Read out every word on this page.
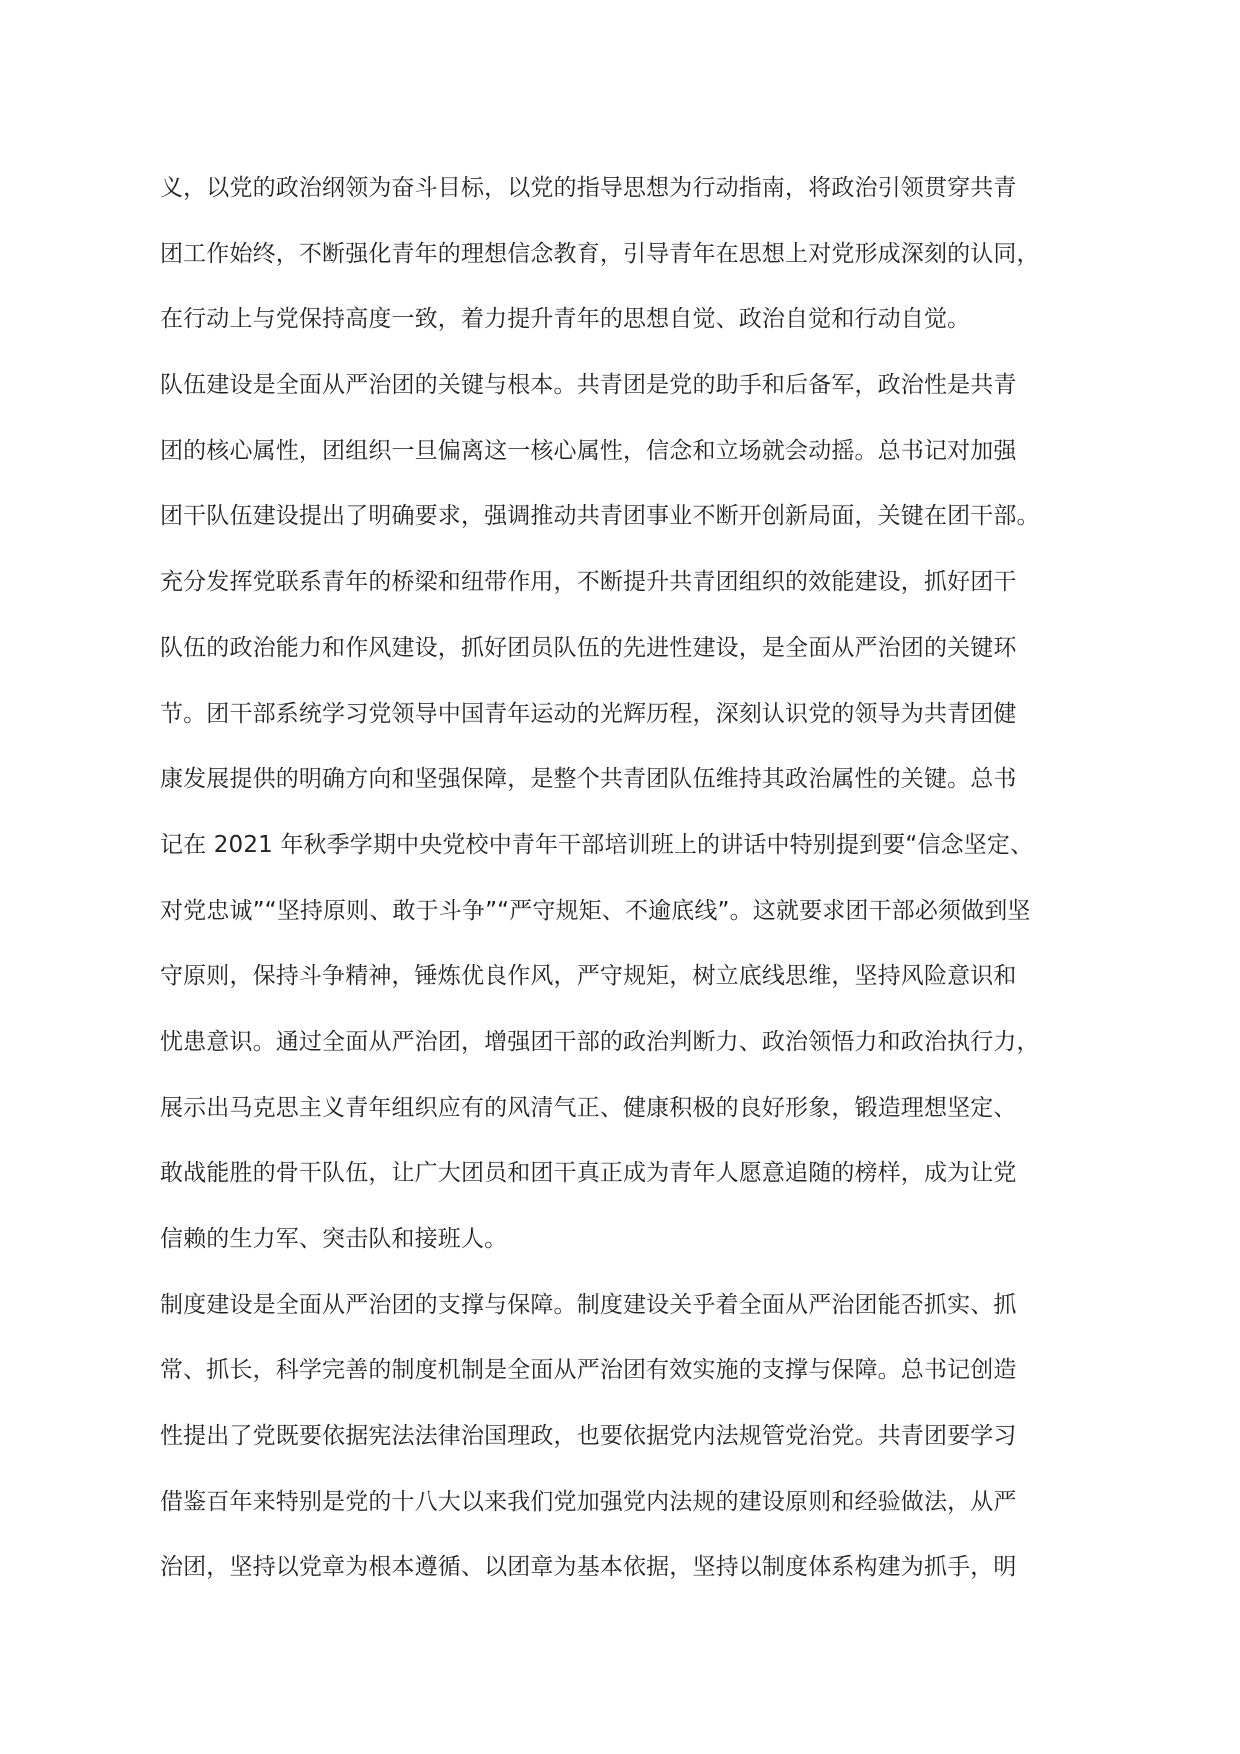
义，以党的政治纲领为奋斗目标，以党的指导思想为行动指南，将政治引领贯穿共青
团工作始终，不断强化青年的理想信念教育，引导青年在思想上对党形成深刻的认同，
在行动上与党保持高度一致，着力提升青年的思想自觉、政治自觉和行动自觉。
队伍建设是全面从严治团的关键与根本。共青团是党的助手和后备军，政治性是共青
团的核心属性，团组织一旦偏离这一核心属性，信念和立场就会动摇。总书记对加强
团干队伍建设提出了明确要求，强调推动共青团事业不断开创新局面，关键在团干部。
充分发挥党联系青年的桥梁和纽带作用，不断提升共青团组织的效能建设，抓好团干
队伍的政治能力和作风建设，抓好团员队伍的先进性建设，是全面从严治团的关键环
节。团干部系统学习党领导中国青年运动的光辉历程，深刻认识党的领导为共青团健
康发展提供的明确方向和坚强保障，是整个共青团队伍维持其政治属性的关键。总书
记在 2021 年秋季学期中央党校中青年干部培训班上的讲话中特别提到要“信念坚定、
对党忠诚”“坚持原则、敢于斗争”“严守规矩、不逾底线”。这就要求团干部必须做到坚
守原则，保持斗争精神，锤炼优良作风，严守规矩，树立底线思维，坚持风险意识和
忧患意识。通过全面从严治团，增强团干部的政治判断力、政治领悟力和政治执行力，
展示出马克思主义青年组织应有的风清气正、健康积极的良好形象，锻造理想坚定、
敢战能胜的骨干队伍，让广大团员和团干真正成为青年人愿意追随的榜样，成为让党
信赖的生力军、突击队和接班人。
制度建设是全面从严治团的支撑与保障。制度建设关乎着全面从严治团能否抓实、抓
常、抓长，科学完善的制度机制是全面从严治团有效实施的支撑与保障。总书记创造
性提出了党既要依据宪法法律治国理政，也要依据党内法规管党治党。共青团要学习
借鉴百年来特别是党的十八大以来我们党加强党内法规的建设原则和经验做法，从严
治团，坚持以党章为根本遵循、以团章为基本依据，坚持以制度体系构建为抓手，明
